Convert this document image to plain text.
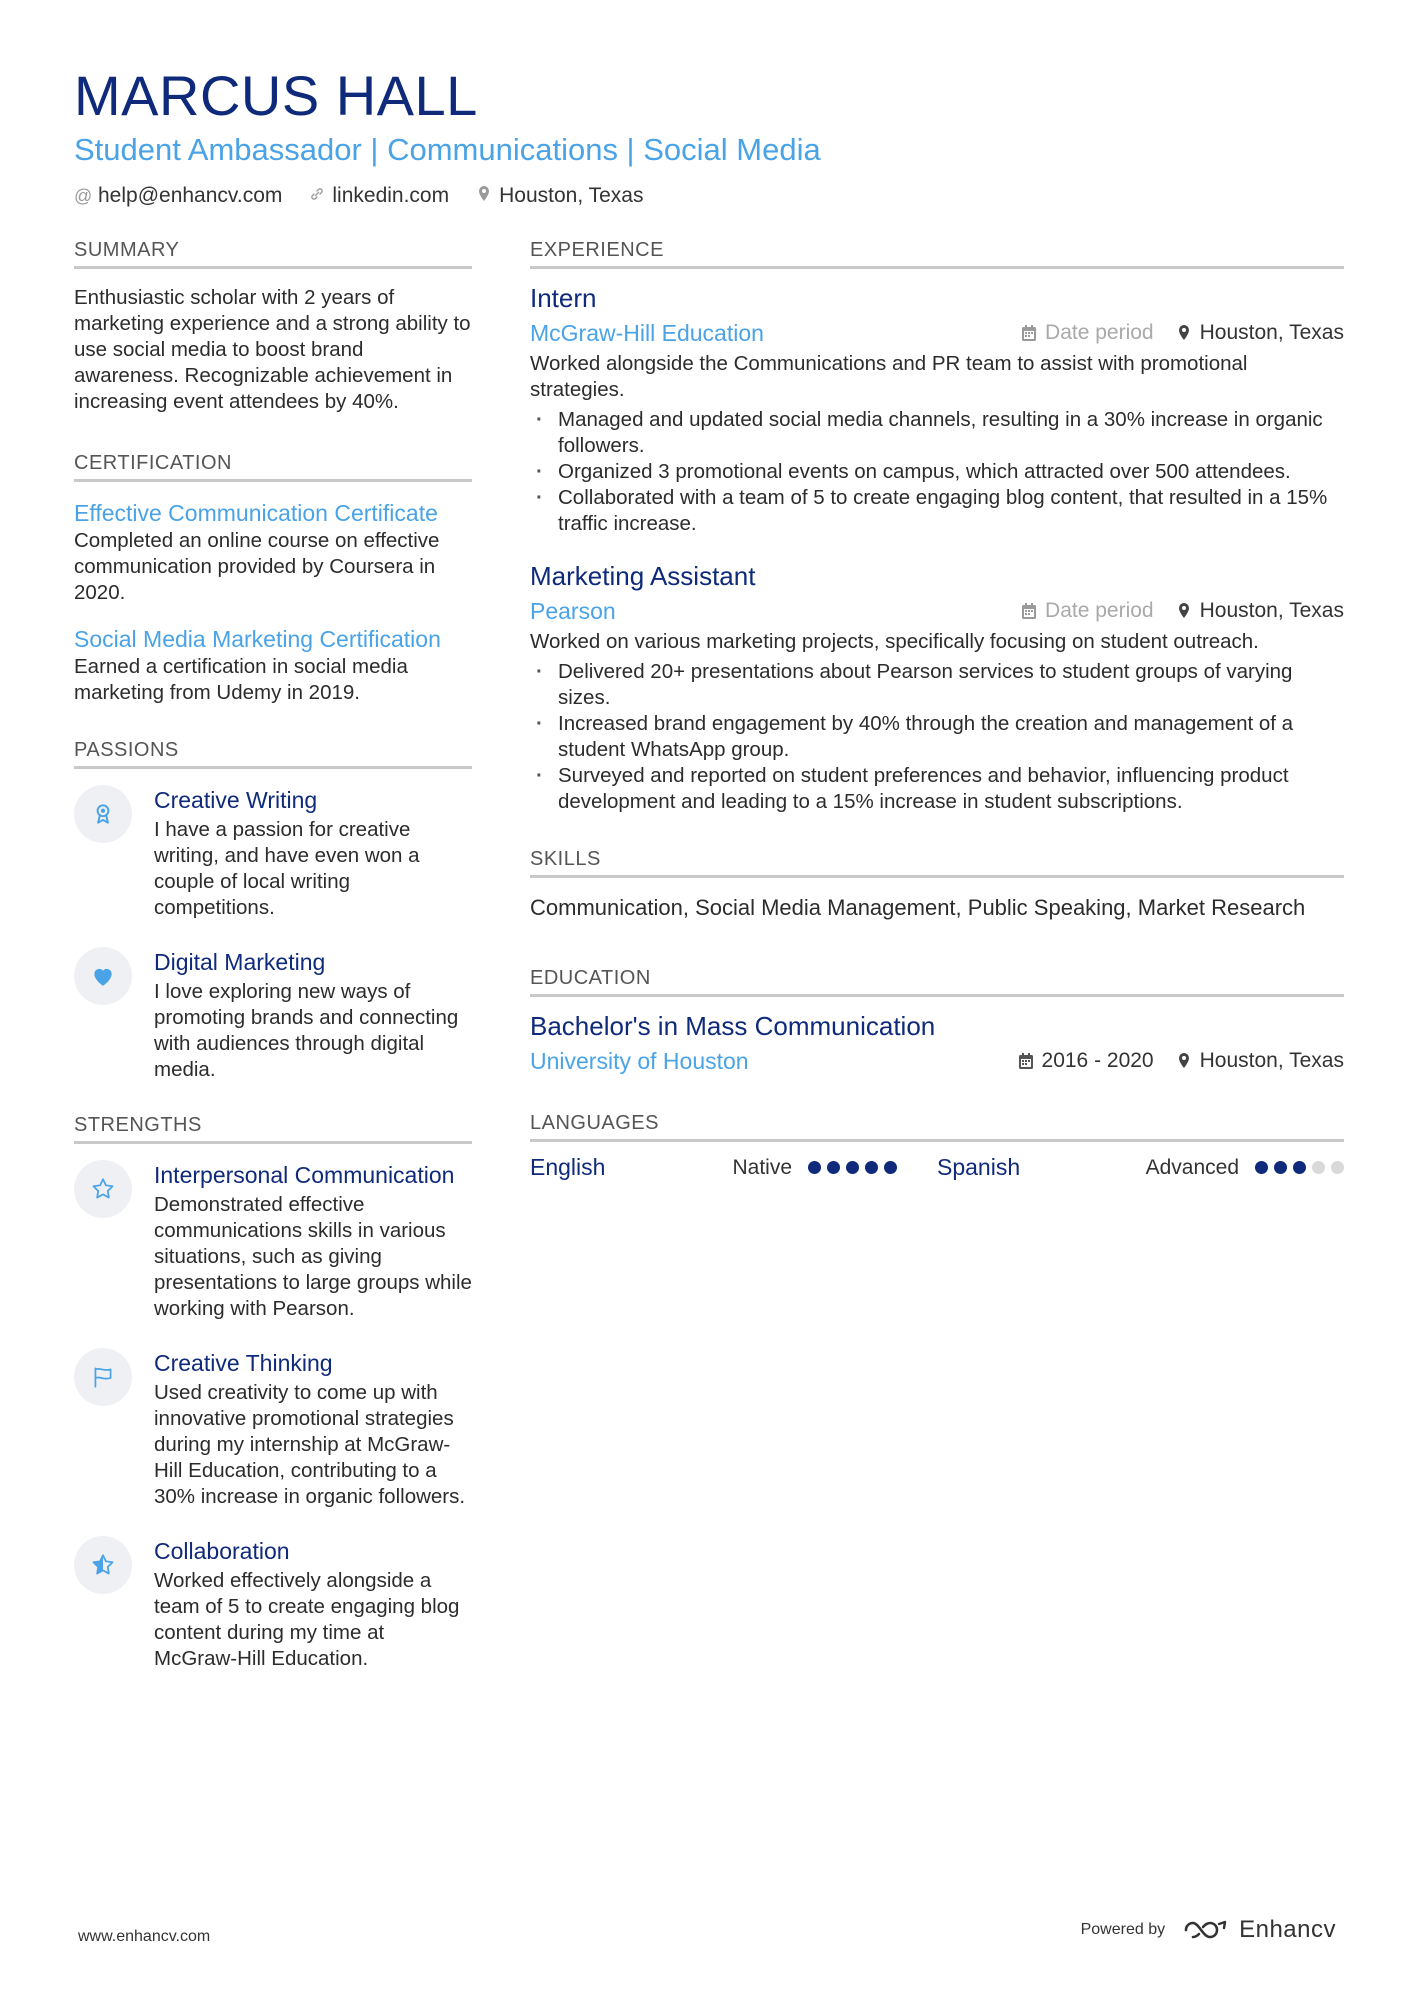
MARCUS HALL
Student Ambassador | Communications | Social Media
@ help@enhancv.com linkedin.com Houston, Texas
SUMMARY
Enthusiastic scholar with 2 years of marketing experience and a strong ability to use social media to boost brand awareness. Recognizable achievement in increasing event attendees by 40%.
CERTIFICATION
Effective Communication Certificate
Completed an online course on effective communication provided by Coursera in 2020.
Social Media Marketing Certification
Earned a certification in social media marketing from Udemy in 2019.
PASSIONS
Creative Writing
I have a passion for creative writing, and have even won a couple of local writing competitions.
Digital Marketing
I love exploring new ways of promoting brands and connecting with audiences through digital media.
STRENGTHS
Interpersonal Communication
Demonstrated effective communications skills in various situations, such as giving presentations to large groups while working with Pearson.
Creative Thinking
Used creativity to come up with innovative promotional strategies during my internship at McGraw-Hill Education, contributing to a 30% increase in organic followers.
Collaboration
Worked effectively alongside a team of 5 to create engaging blog content during my time at McGraw-Hill Education.
EXPERIENCE
Intern
McGraw-Hill Education	Date period Houston, Texas
Worked alongside the Communications and PR team to assist with promotional strategies.
· Managed and updated social media channels, resulting in a 30% increase in organic followers.
· Organized 3 promotional events on campus, which attracted over 500 attendees.
· Collaborated with a team of 5 to create engaging blog content, that resulted in a 15% traffic increase.
Marketing Assistant
Pearson	Date period Houston, Texas
Worked on various marketing projects, specifically focusing on student outreach.
· Delivered 20+ presentations about Pearson services to student groups of varying sizes.
· Increased brand engagement by 40% through the creation and management of a student WhatsApp group.
· Surveyed and reported on student preferences and behavior, influencing product development and leading to a 15% increase in student subscriptions.
SKILLS
Communication, Social Media Management, Public Speaking, Market Research
EDUCATION
Bachelor's in Mass Communication
University of Houston	2016 - 2020 Houston, Texas
LANGUAGES
English	Native	Spanish	Advanced
www.enhancv.com	Powered by	Enhancv
